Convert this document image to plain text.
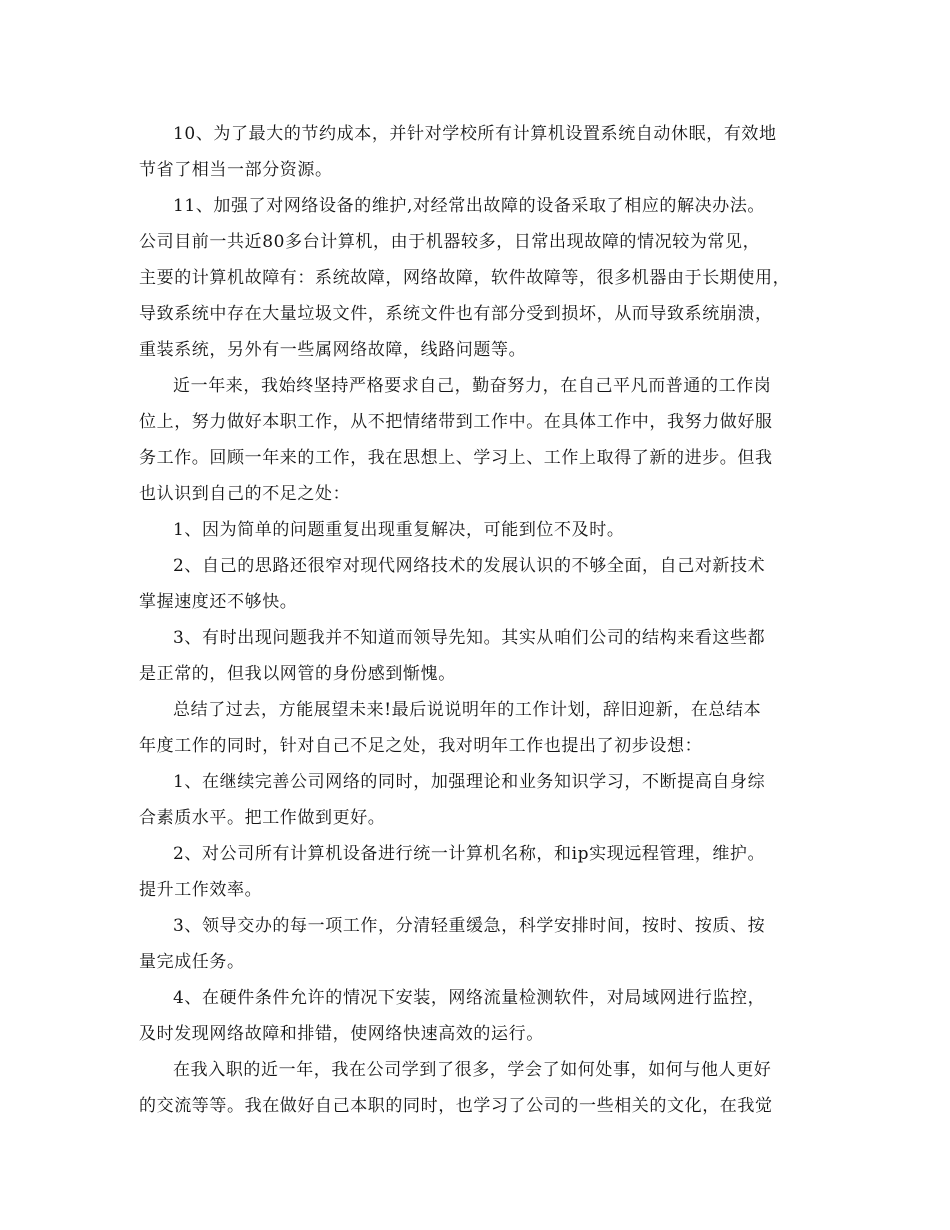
10、为了最大的节约成本，并针对学校所有计算机设置系统自动休眠，有效地
节省了相当一部分资源。
11、加强了对网络设备的维护,对经常出故障的设备采取了相应的解决办法。
公司目前一共近80多台计算机，由于机器较多，日常出现故障的情况较为常见，
主要的计算机故障有：系统故障，网络故障，软件故障等，很多机器由于长期使用，
导致系统中存在大量垃圾文件，系统文件也有部分受到损坏，从而导致系统崩溃，
重装系统，另外有一些属网络故障，线路问题等。
近一年来，我始终坚持严格要求自己，勤奋努力，在自己平凡而普通的工作岗
位上，努力做好本职工作，从不把情绪带到工作中。在具体工作中，我努力做好服
务工作。回顾一年来的工作，我在思想上、学习上、工作上取得了新的进步。但我
也认识到自己的不足之处：
1、因为简单的问题重复出现重复解决，可能到位不及时。
2、自己的思路还很窄对现代网络技术的发展认识的不够全面，自己对新技术
掌握速度还不够快。
3、有时出现问题我并不知道而领导先知。其实从咱们公司的结构来看这些都
是正常的，但我以网管的身份感到惭愧。
总结了过去，方能展望未来!最后说说明年的工作计划，辞旧迎新，在总结本
年度工作的同时，针对自己不足之处，我对明年工作也提出了初步设想：
1、在继续完善公司网络的同时，加强理论和业务知识学习，不断提高自身综
合素质水平。把工作做到更好。
2、对公司所有计算机设备进行统一计算机名称，和ip实现远程管理，维护。
提升工作效率。
3、领导交办的每一项工作，分清轻重缓急，科学安排时间，按时、按质、按
量完成任务。
4、在硬件条件允许的情况下安装，网络流量检测软件，对局域网进行监控，
及时发现网络故障和排错，使网络快速高效的运行。
在我入职的近一年，我在公司学到了很多，学会了如何处事，如何与他人更好
的交流等等。我在做好自己本职的同时，也学习了公司的一些相关的文化，在我觉
